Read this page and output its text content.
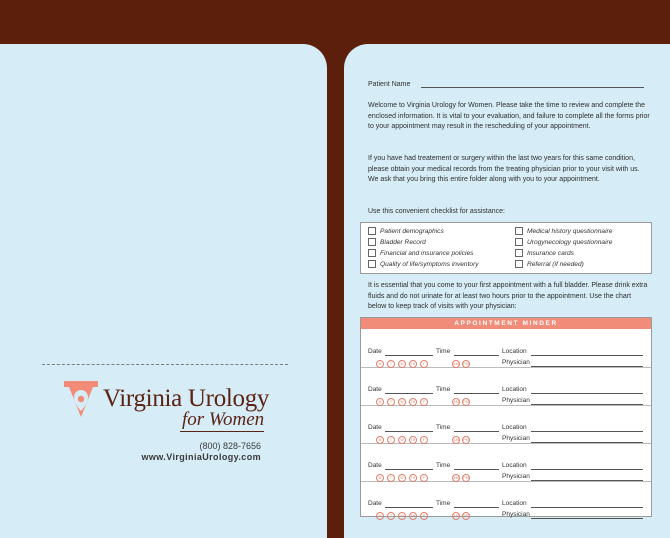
Virginia Urology
for Women
(800) 828-7656
www.VirginiaUrology.com
Patient Name
Welcome to Virginia Urology for Women. Please take the time to review and complete the enclosed information. It is vital to your evaluation, and failure to complete all the forms prior to your appointment may result in the rescheduling of your appointment.
If you have had treatement or surgery within the last two years for this same condition, please obtain your medical records from the treating physician prior to your visit with us. We ask that you bring this entire folder along with you to your appointment.
Use this convenient checklist for assistance:
Patient demographics
Bladder Record
Financial and insurance policies
Quality of life/symptoms inventory
Medical history questionnaire
Urogynecology questionnaire
Insurance cards
Referral (if needed)
It is essential that you come to your first appointment with a full bladder. Please drink extra fluids and do not urinate for at least two hours prior to the appointment. Use the chart below to keep track of visits with your physician:
APPOINTMENT MINDER
Date	Time	Location
Physician
M	T	W	TH	F	AM	PM
Date	Time	Location
Physician
M	T	W	TH	F	AM	PM
Date	Time	Location
Physician
M	T	W	TH	F	AM	PM
Date	Time	Location
Physician
M	T	W	TH	F	AM	PM
Date	Time	Location
Physician
M	T	W	TH	F	AM	PM
